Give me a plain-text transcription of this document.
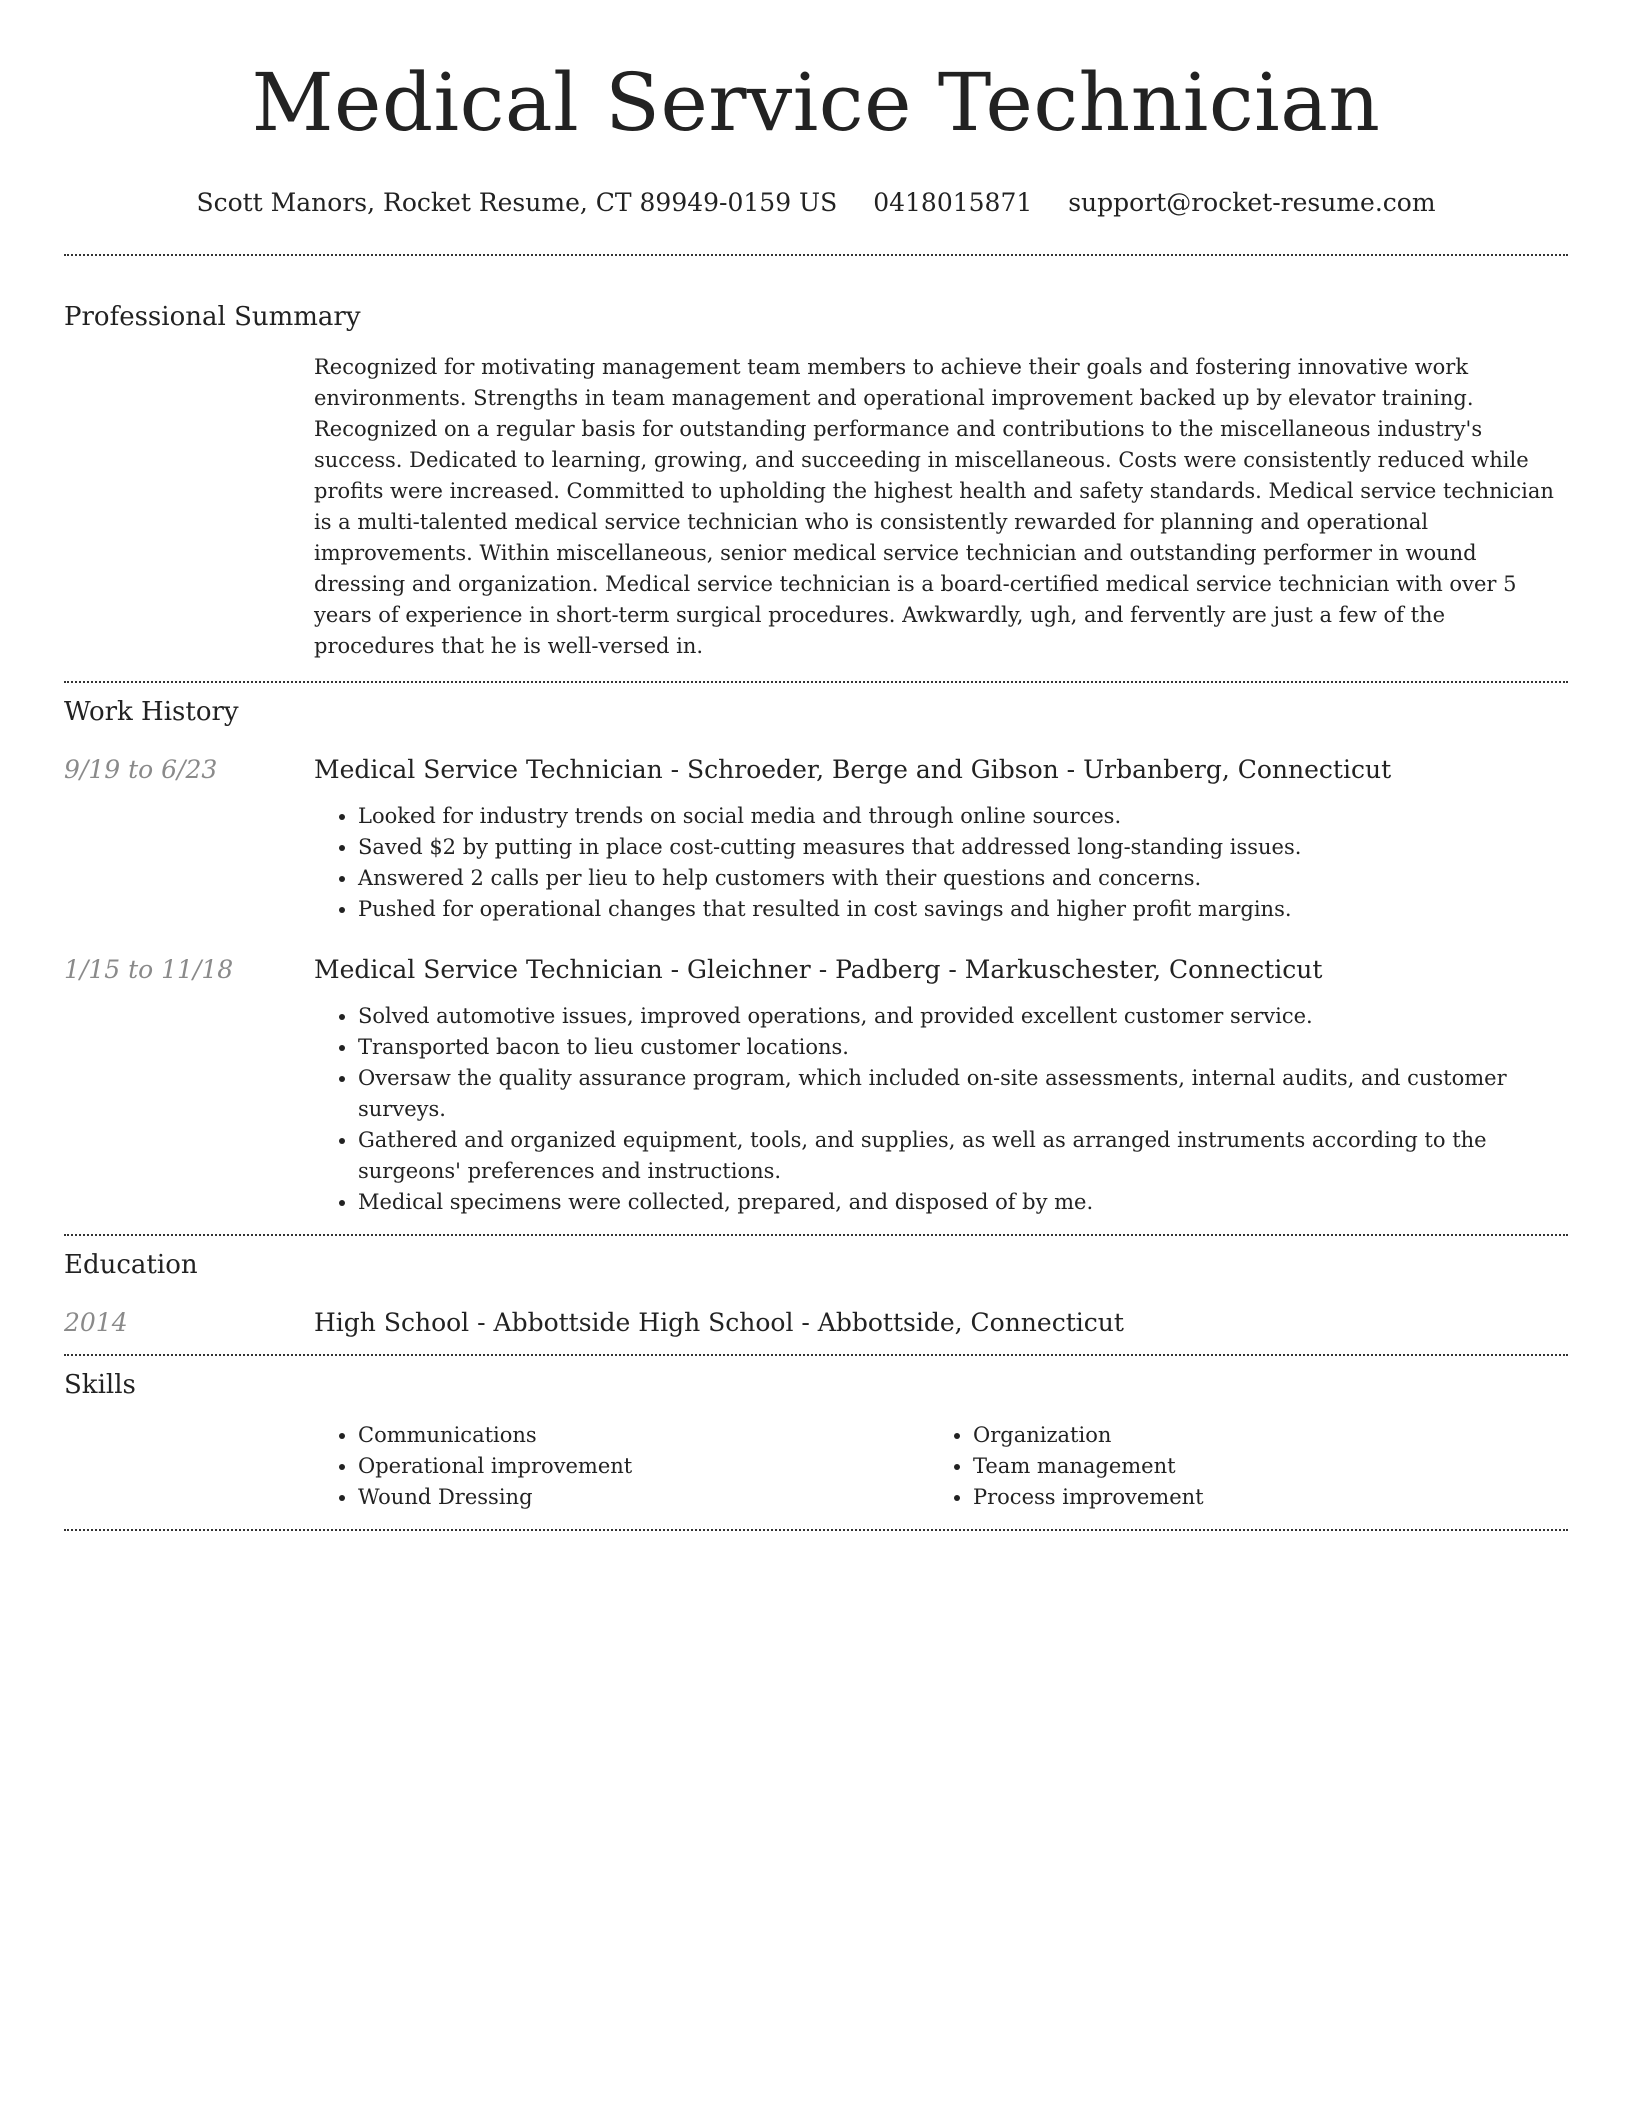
Medical Service Technician
Scott Manors, Rocket Resume, CT 89949-0159 US 0418015871 support@rocket-resume.com
Professional Summary
Recognized for motivating management team members to achieve their goals and fostering innovative work environments. Strengths in team management and operational improvement backed up by elevator training. Recognized on a regular basis for outstanding performance and contributions to the miscellaneous industry's success. Dedicated to learning, growing, and succeeding in miscellaneous. Costs were consistently reduced while profits were increased. Committed to upholding the highest health and safety standards. Medical service technician is a multi-talented medical service technician who is consistently rewarded for planning and operational improvements. Within miscellaneous, senior medical service technician and outstanding performer in wound dressing and organization. Medical service technician is a board-certified medical service technician with over 5 years of experience in short-term surgical procedures. Awkwardly, ugh, and fervently are just a few of the procedures that he is well-versed in.
Work History
9/19 to 6/23	Medical Service Technician - Schroeder, Berge and Gibson - Urbanberg, Connecticut
• Looked for industry trends on social media and through online sources.
• Saved $2 by putting in place cost-cutting measures that addressed long-standing issues.
• Answered 2 calls per lieu to help customers with their questions and concerns.
• Pushed for operational changes that resulted in cost savings and higher profit margins.
1/15 to 11/18	Medical Service Technician - Gleichner - Padberg - Markuschester, Connecticut
• Solved automotive issues, improved operations, and provided excellent customer service.
• Transported bacon to lieu customer locations.
• Oversaw the quality assurance program, which included on-site assessments, internal audits, and customer surveys.
• Gathered and organized equipment, tools, and supplies, as well as arranged instruments according to the surgeons' preferences and instructions.
• Medical specimens were collected, prepared, and disposed of by me.
Education
2014	High School - Abbottside High School - Abbottside, Connecticut
Skills
• Communications
• Operational improvement
• Wound Dressing
• Organization
• Team management
• Process improvement
